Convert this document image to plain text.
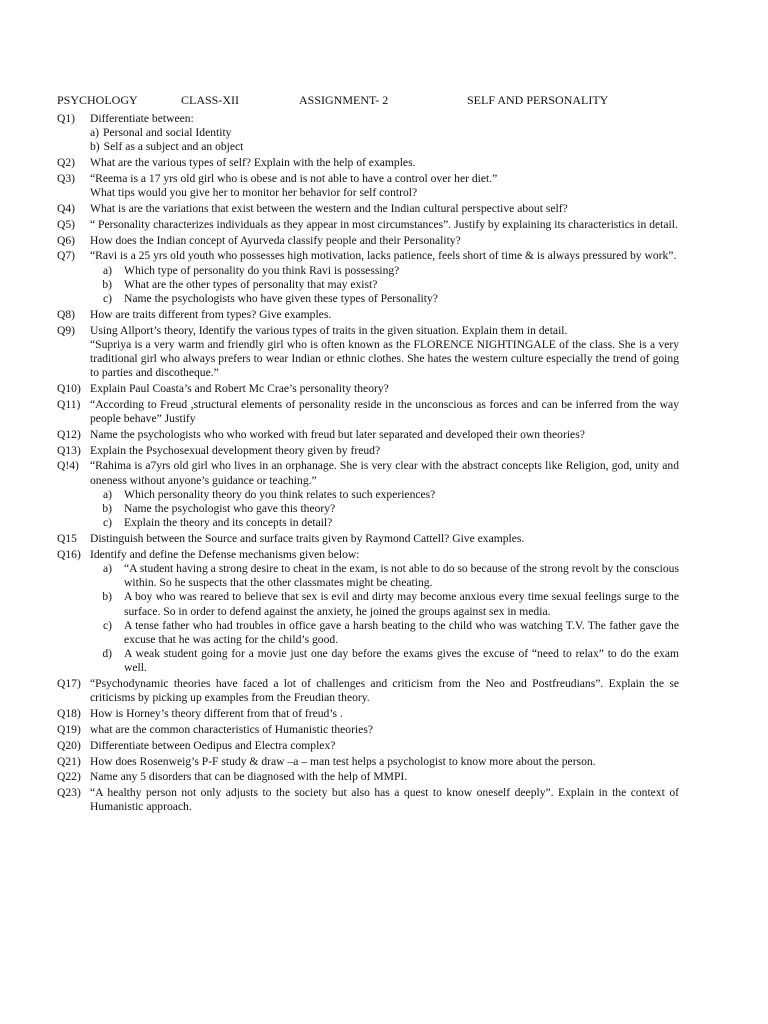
PSYCHOLOGY	CLASS-XII	ASSIGNMENT- 2	SELF AND PERSONALITY
Q1)	Differentiate between:
a) Personal and social Identity
b) Self as a subject and an object
Q2)	What are the various types of self? Explain with the help of examples.
Q3)	“Reema is a 17 yrs old girl who is obese and is not able to have a control over her diet.”
What tips would you give her to monitor her behavior for self control?
Q4)	What is are the variations that exist between the western and the Indian cultural perspective about self?
Q5)	“ Personality characterizes individuals as they appear in most circumstances”. Justify by explaining its characteristics in detail.
Q6)	How does the Indian concept of Ayurveda classify people and their Personality?
Q7)	“Ravi is a 25 yrs old youth who possesses high motivation, lacks patience, feels short of time & is always pressured by work”.
a)	Which type of personality do you think Ravi is possessing?
b)	What are the other types of personality that may exist?
c)	Name the psychologists who have given these types of Personality?
Q8)	How are traits different from types? Give examples.
Q9)	Using Allport’s theory, Identify the various types of traits in the given situation. Explain them in detail.
“Supriya is a very warm and friendly girl who is often known as the FLORENCE NIGHTINGALE of the class. She is a very traditional girl who always prefers to wear Indian or ethnic clothes. She hates the western culture especially the trend of going to parties and discotheque.”
Q10) Explain Paul Coasta’s and Robert Mc Crae’s personality theory?
Q11) “According to Freud ,structural elements of personality reside in the unconscious as forces and can be inferred from the way people behave” Justify
Q12) Name the psychologists who who worked with freud but later separated and developed their own theories?
Q13) Explain the Psychosexual development theory given by freud?
Q!4) “Rahima is a7yrs old girl who lives in an orphanage. She is very clear with the abstract concepts like Religion, god, unity and oneness without anyone’s guidance or teaching.”
a)	Which personality theory do you think relates to such experiences?
b)	Name the psychologist who gave this theory?
c)	Explain the theory and its concepts in detail?
Q15	Distinguish between the Source and surface traits given by Raymond Cattell? Give examples.
Q16) Identify and define the Defense mechanisms given below:
a)	“A student having a strong desire to cheat in the exam, is not able to do so because of the strong revolt by the conscious within. So he suspects that the other classmates might be cheating.
b)	A boy who was reared to believe that sex is evil and dirty may become anxious every time sexual feelings surge to the surface. So in order to defend against the anxiety, he joined the groups against sex in media.
c)	A tense father who had troubles in office gave a harsh beating to the child who was watching T.V. The father gave the excuse that he was acting for the child’s good.
d)	A weak student going for a movie just one day before the exams gives the excuse of “need to relax” to do the exam well.
Q17) “Psychodynamic theories have faced a lot of challenges and criticism from the Neo and Postfreudians”. Explain the se criticisms by picking up examples from the Freudian theory.
Q18) How is Horney’s theory different from that of freud’s .
Q19) what are the common characteristics of Humanistic theories?
Q20) Differentiate between Oedipus and Electra complex?
Q21) How does Rosenweig’s P-F study & draw –a – man test helps a psychologist to know more about the person.
Q22) Name any 5 disorders that can be diagnosed with the help of MMPI.
Q23) “A healthy person not only adjusts to the society but also has a quest to know oneself deeply”. Explain in the context of Humanistic approach.
